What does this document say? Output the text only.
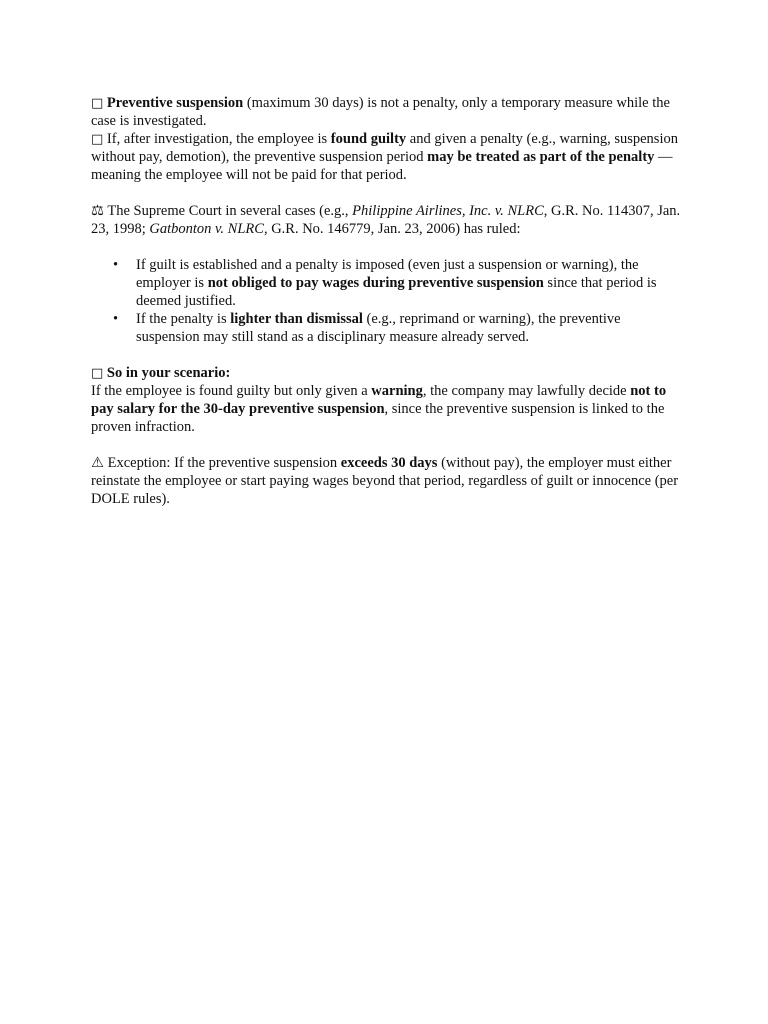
□ Preventive suspension (maximum 30 days) is not a penalty, only a temporary measure while the case is investigated.

□ If, after investigation, the employee is found guilty and given a penalty (e.g., warning, suspension without pay, demotion), the preventive suspension period may be treated as part of the penalty — meaning the employee will not be paid for that period.

⚖ The Supreme Court in several cases (e.g., Philippine Airlines, Inc. v. NLRC, G.R. No. 114307, Jan. 23, 1998; Gatbonton v. NLRC, G.R. No. 146779, Jan. 23, 2006) has ruled:

• If guilt is established and a penalty is imposed (even just a suspension or warning), the employer is not obliged to pay wages during preventive suspension since that period is deemed justified.
• If the penalty is lighter than dismissal (e.g., reprimand or warning), the preventive suspension may still stand as a disciplinary measure already served.

□ So in your scenario:

If the employee is found guilty but only given a warning, the company may lawfully decide not to pay salary for the 30-day preventive suspension, since the preventive suspension is linked to the proven infraction.

⚠ Exception: If the preventive suspension exceeds 30 days (without pay), the employer must either reinstate the employee or start paying wages beyond that period, regardless of guilt or innocence (per DOLE rules).
